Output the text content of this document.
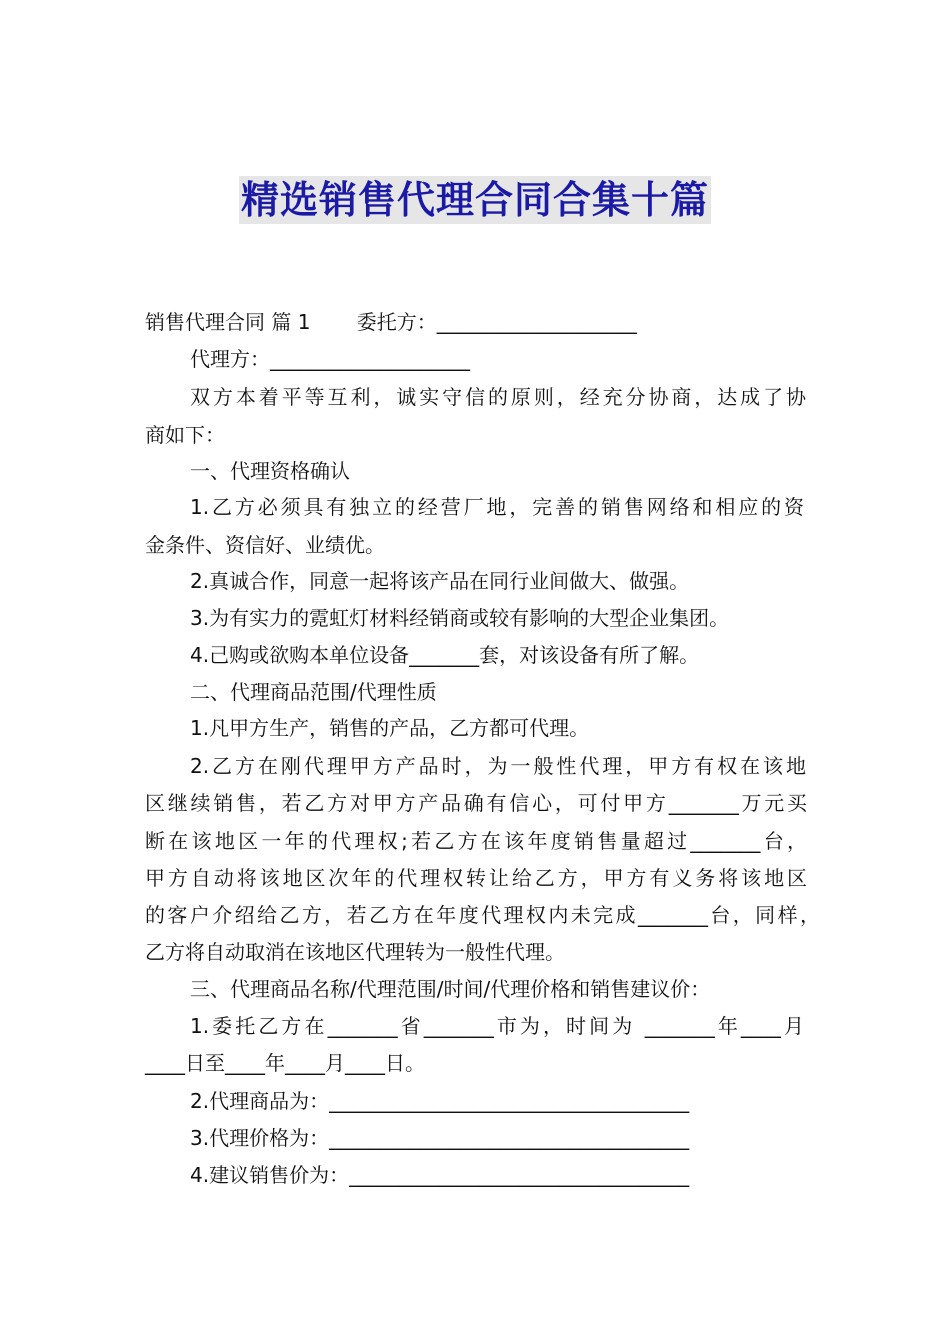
精选销售代理合同合集十篇
销售代理合同 篇 1　　 委托方：____________________
代理方：____________________
双方本着平等互利，诚实守信的原则，经充分协商，达成了协
商如下：
一、代理资格确认
1.乙方必须具有独立的经营厂地，完善的销售网络和相应的资
金条件、资信好、业绩优。
2.真诚合作，同意一起将该产品在同行业间做大、做强。
3.为有实力的霓虹灯材料经销商或较有影响的大型企业集团。
4.己购或欲购本单位设备_______套，对该设备有所了解。
二、代理商品范围/代理性质
1.凡甲方生产，销售的产品，乙方都可代理。
2.乙方在刚代理甲方产品时，为一般性代理，甲方有权在该地
区继续销售，若乙方对甲方产品确有信心，可付甲方_______万元买
断在该地区一年的代理权;若乙方在该年度销售量超过_______台，
甲方自动将该地区次年的代理权转让给乙方，甲方有义务将该地区
的客户介绍给乙方，若乙方在年度代理权内未完成_______台，同样，
乙方将自动取消在该地区代理转为一般性代理。
三、代理商品名称/代理范围/时间/代理价格和销售建议价：
1.委托乙方在_______省_______市为，时间为 _______年____月
____日至____年____月____日。
2.代理商品为：____________________________________
3.代理价格为：____________________________________
4.建议销售价为：__________________________________
